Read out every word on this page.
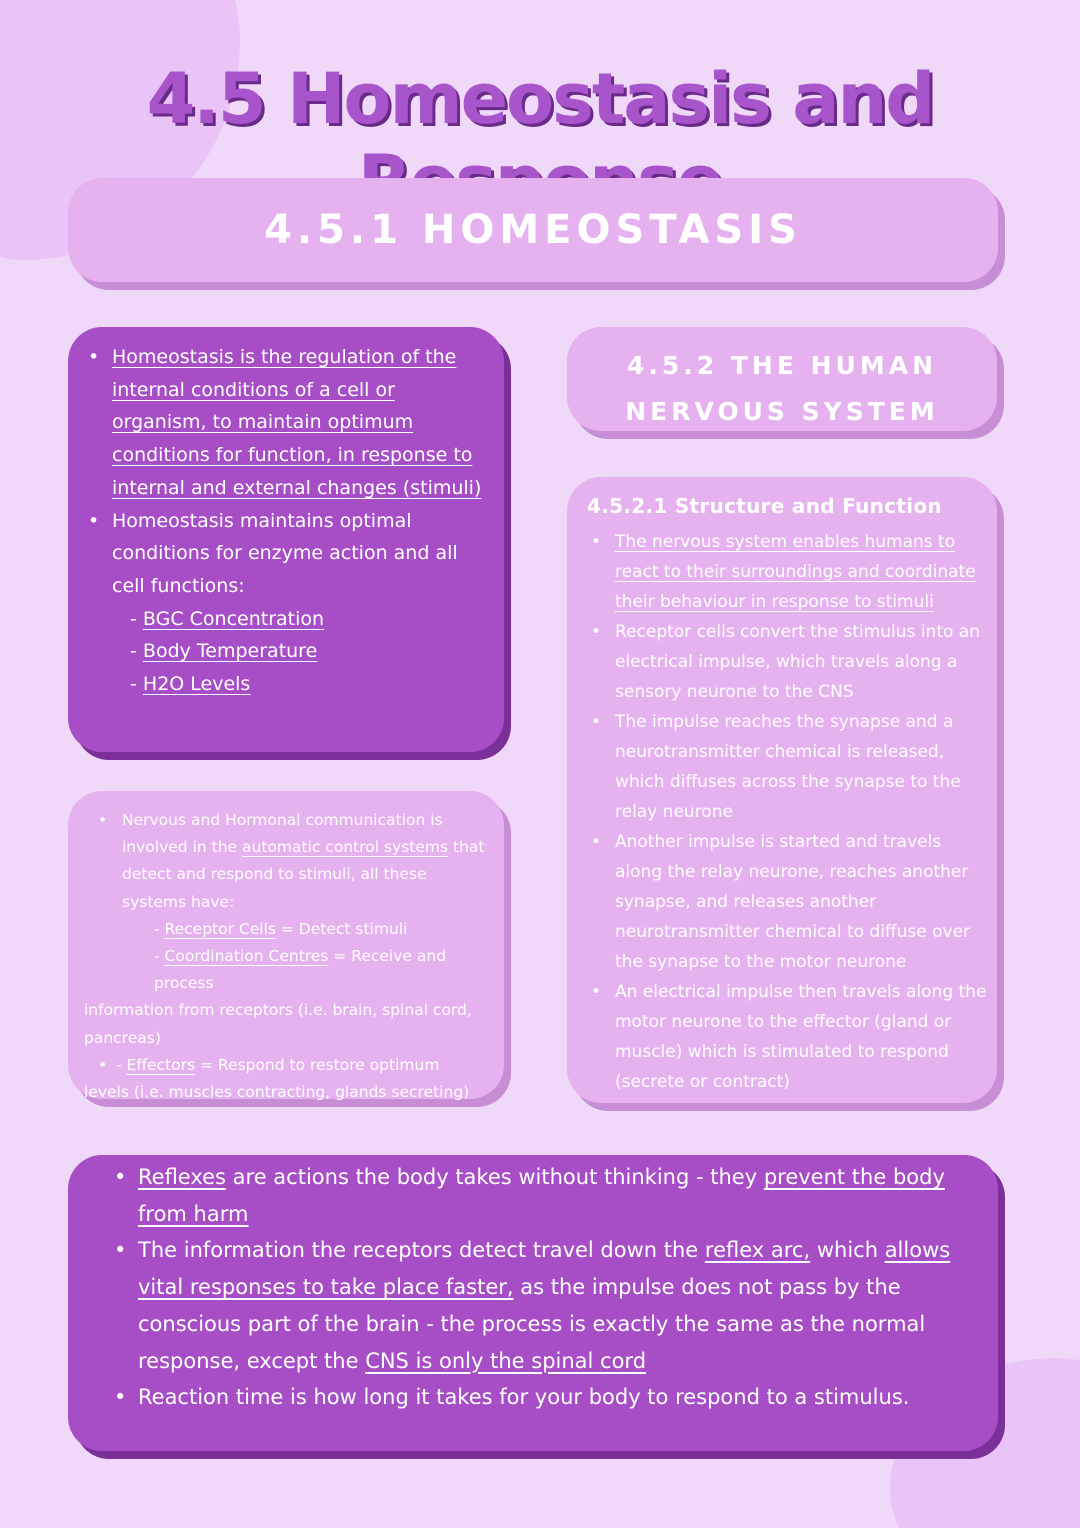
4.5 Homeostasis and
4.5.1 HOMEOSTASIS
4.5.2 THE HUMAN
NERVOUS SYSTEM
• Homeostasis is the regulation of the internal conditions of a cell or organism, to maintain optimum conditions for function, in response to internal and external changes (stimuli)
• Homeostasis maintains optimal conditions for enzyme action and all cell functions:
- BGC Concentration
- Body Temperature
- H2O Levels
• Nervous and Hormonal communication is involved in the automatic control systems that detect and respond to stimuli, all these systems have:
- Receptor Cells = Detect stimuli
- Coordination Centres = Receive and process
information from receptors (i.e. brain, spinal cord, pancreas)
- • Effectors = Respond to restore optimum
levels (i.e. muscles contracting, glands secreting)
4.5.2.1 Structure and Function
• The nervous system enables humans to react to their surroundings and coordinate their behaviour in response to stimuli
• Receptor cells convert the stimulus into an electrical impulse, which travels along a sensory neurone to the CNS
• The impulse reaches the synapse and a neurotransmitter chemical is released, which diffuses across the synapse to the relay neurone
• Another impulse is started and travels along the relay neurone, reaches another synapse, and releases another neurotransmitter chemical to diffuse over the synapse to the motor neurone
• An electrical impulse then travels along the motor neurone to the effector (gland or muscle) which is stimulated to respond (secrete or contract)
• Reflexes are actions the body takes without thinking - they prevent the body from harm
• The information the receptors detect travel down the reflex arc, which allows vital responses to take place faster, as the impulse does not pass by the conscious part of the brain - the process is exactly the same as the normal response, except the CNS is only the spinal cord
• Reaction time is how long it takes for your body to respond to a stimulus.
